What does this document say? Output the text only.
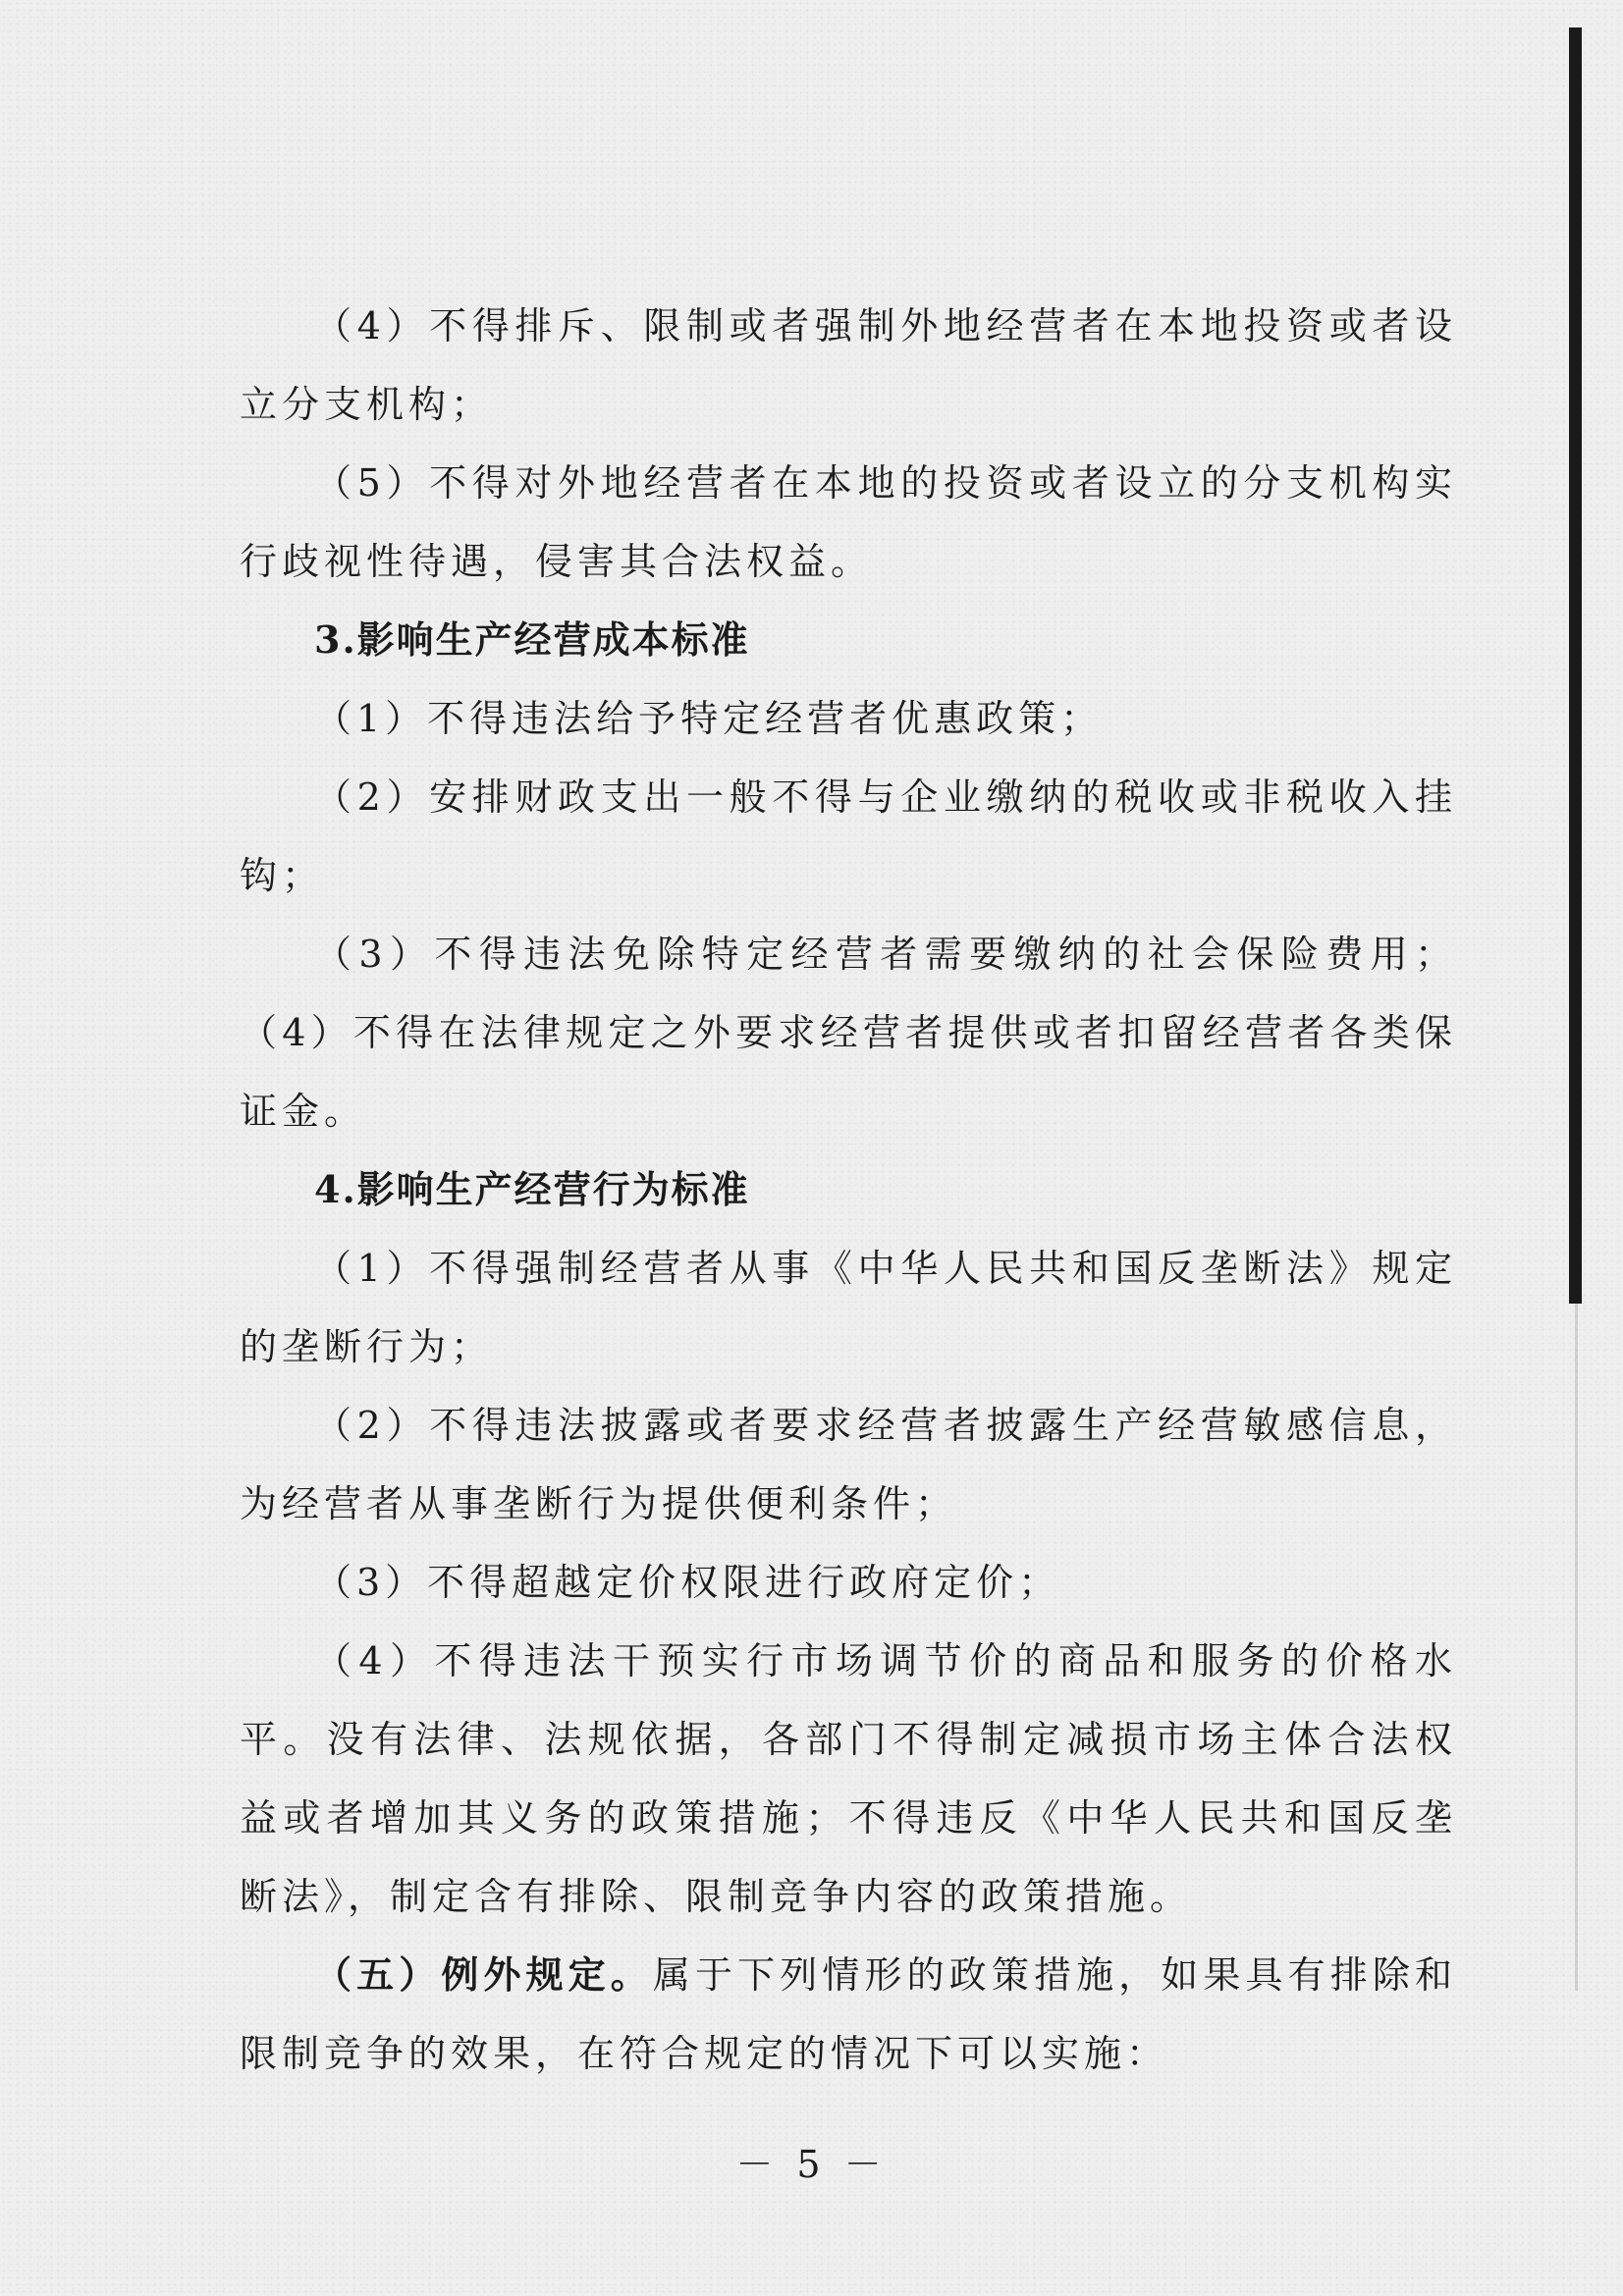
（4）不得排斥、限制或者强制外地经营者在本地投资或者设立分支机构；

（5）不得对外地经营者在本地的投资或者设立的分支机构实行歧视性待遇，侵害其合法权益。

3.影响生产经营成本标准

（1）不得违法给予特定经营者优惠政策；

（2）安排财政支出一般不得与企业缴纳的税收或非税收入挂钩；

（3）不得违法免除特定经营者需要缴纳的社会保险费用；（4）不得在法律规定之外要求经营者提供或者扣留经营者各类保证金。

4.影响生产经营行为标准

（1）不得强制经营者从事《中华人民共和国反垄断法》规定的垄断行为；

（2）不得违法披露或者要求经营者披露生产经营敏感信息，为经营者从事垄断行为提供便利条件；

（3）不得超越定价权限进行政府定价；

（4）不得违法干预实行市场调节价的商品和服务的价格水平。没有法律、法规依据，各部门不得制定减损市场主体合法权益或者增加其义务的政策措施；不得违反《中华人民共和国反垄断法》，制定含有排除、限制竞争内容的政策措施。

（五）例外规定。属于下列情形的政策措施，如果具有排除和限制竞争的效果，在符合规定的情况下可以实施：

－ 5 －
